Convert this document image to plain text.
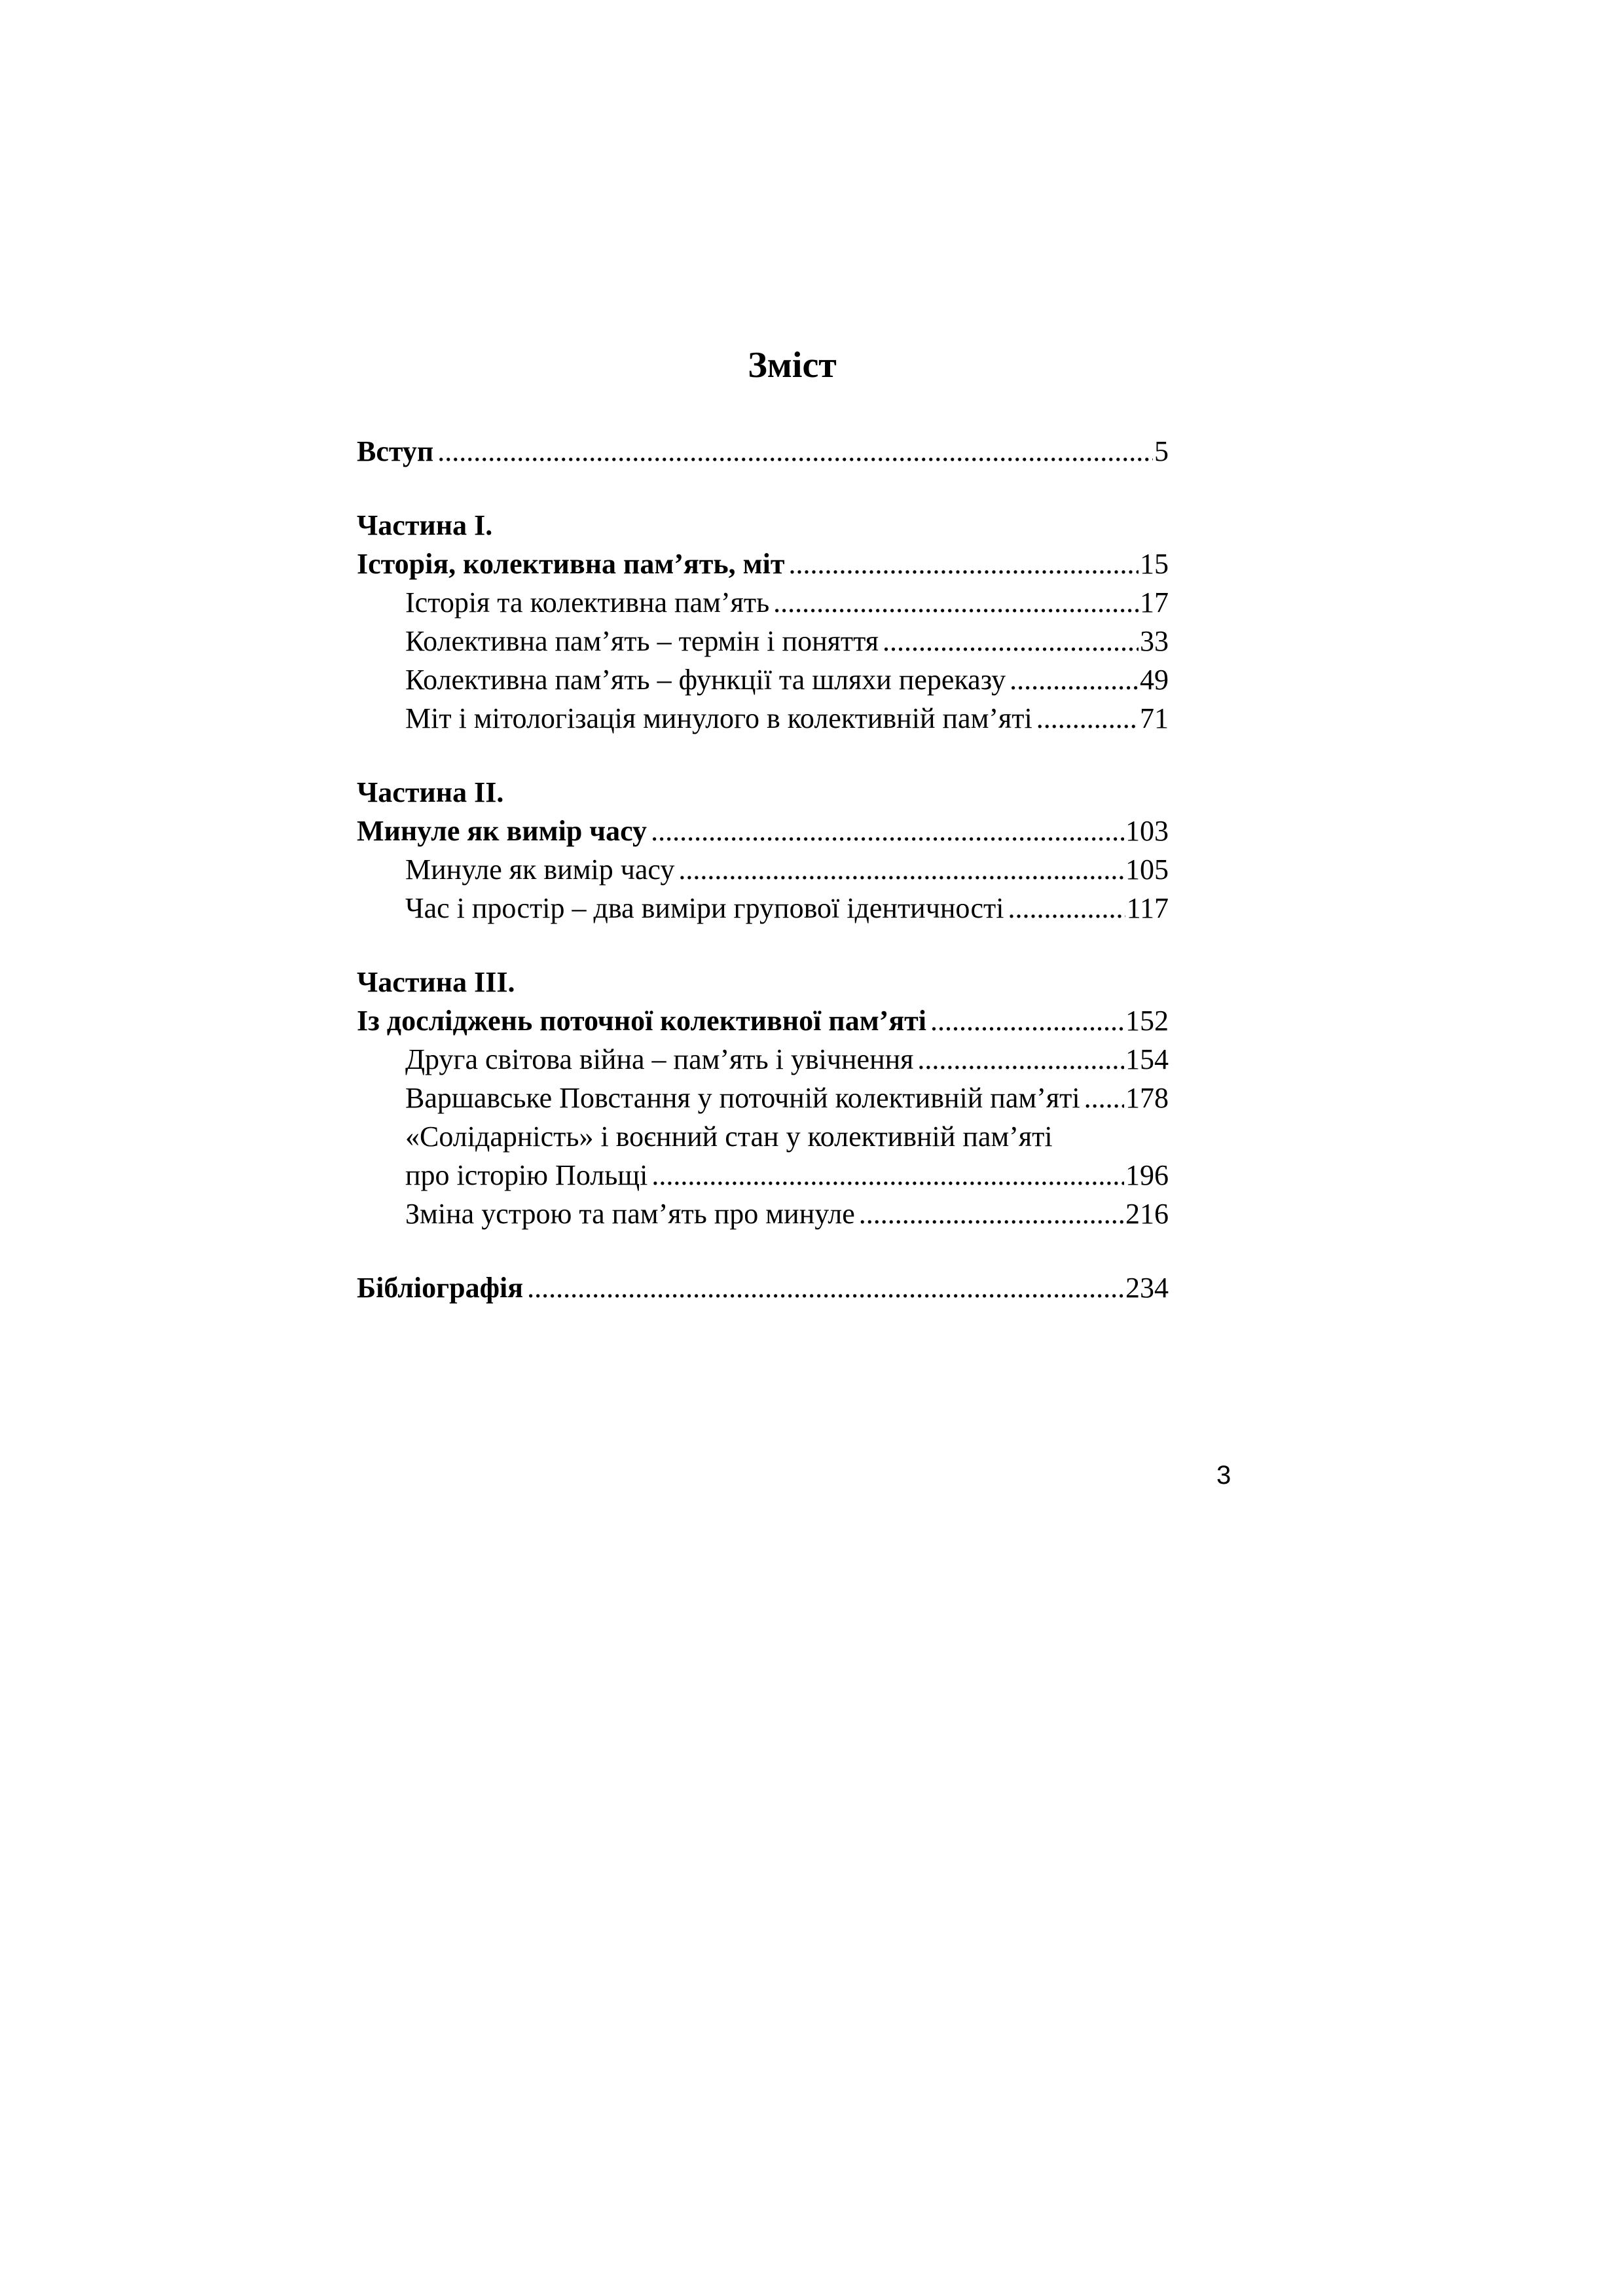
Зміст
Вступ .....	5
Частина I.
Історія, колективна пам’ять, міт .....	15
Історія та колективна пам’ять .....	17
Колективна пам’ять – термін і поняття .....	33
Колективна пам’ять – функції та шляхи переказу .....	49
Міт і мітологізація минулого в колективній пам’яті .....	71
Частина II.
Минуле як вимір часу .....	103
Минуле як вимір часу .....	105
Час і простір – два виміри групової ідентичності .....	117
Частина III.
Із досліджень поточної колективної пам’яті .....	152
Друга світова війна – пам’ять і увічнення .....	154
Варшавське Повстання у поточній колективній пам’яті ..... 178
«Солідарність» і воєнний стан у колективній пам’яті
про історію Польщі .....	196
Зміна устрою та пам’ять про минуле .....	216
Бібліографія .....	234
3
